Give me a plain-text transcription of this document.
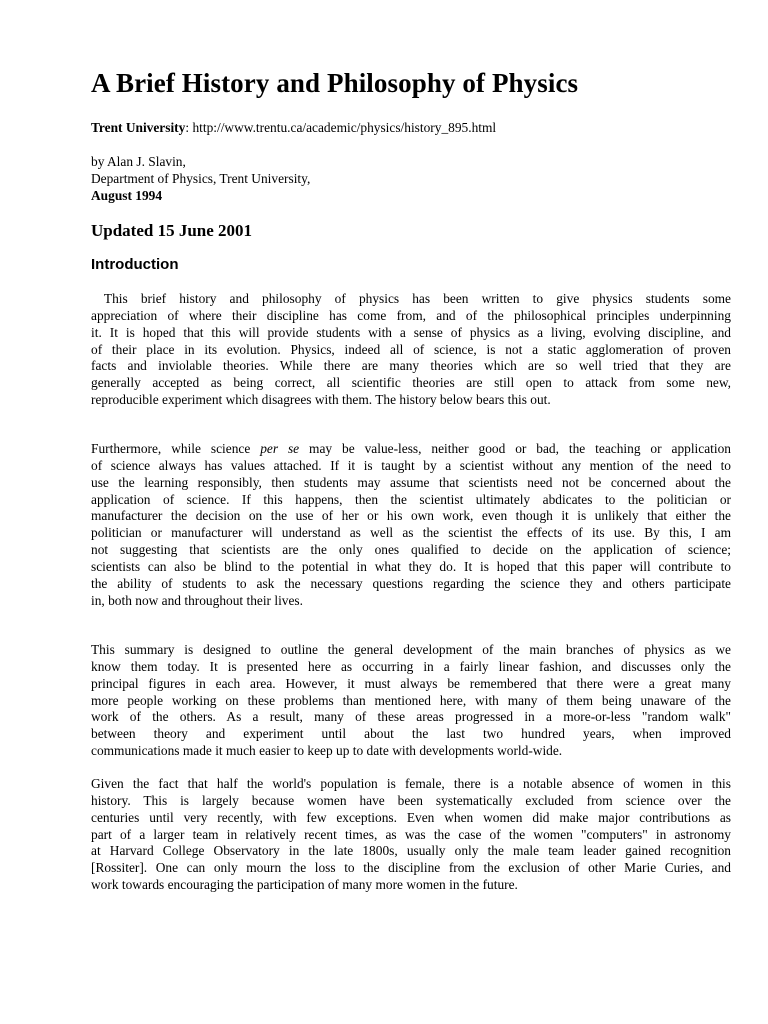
A Brief History and Philosophy of Physics
Trent University: http://www.trentu.ca/academic/physics/history_895.html
by Alan J. Slavin,
Department of Physics, Trent University,
August 1994
Updated 15 June 2001
Introduction
This brief history and philosophy of physics has been written to give physics students some
appreciation of where their discipline has come from, and of the philosophical principles underpinning
it. It is hoped that this will provide students with a sense of physics as a living, evolving discipline, and
of their place in its evolution. Physics, indeed all of science, is not a static agglomeration of proven
facts and inviolable theories. While there are many theories which are so well tried that they are
generally accepted as being correct, all scientific theories are still open to attack from some new,
reproducible experiment which disagrees with them. The history below bears this out.
Furthermore, while science per se may be value-less, neither good or bad, the teaching or application
of science always has values attached. If it is taught by a scientist without any mention of the need to
use the learning responsibly, then students may assume that scientists need not be concerned about the
application of science. If this happens, then the scientist ultimately abdicates to the politician or
manufacturer the decision on the use of her or his own work, even though it is unlikely that either the
politician or manufacturer will understand as well as the scientist the effects of its use. By this, I am
not suggesting that scientists are the only ones qualified to decide on the application of science;
scientists can also be blind to the potential in what they do. It is hoped that this paper will contribute to
the ability of students to ask the necessary questions regarding the science they and others participate
in, both now and throughout their lives.
This summary is designed to outline the general development of the main branches of physics as we
know them today. It is presented here as occurring in a fairly linear fashion, and discusses only the
principal figures in each area. However, it must always be remembered that there were a great many
more people working on these problems than mentioned here, with many of them being unaware of the
work of the others. As a result, many of these areas progressed in a more-or-less "random walk"
between theory and experiment until about the last two hundred years, when improved
communications made it much easier to keep up to date with developments world-wide.
Given the fact that half the world's population is female, there is a notable absence of women in this
history. This is largely because women have been systematically excluded from science over the
centuries until very recently, with few exceptions. Even when women did make major contributions as
part of a larger team in relatively recent times, as was the case of the women "computers" in astronomy
at Harvard College Observatory in the late 1800s, usually only the male team leader gained recognition
[Rossiter]. One can only mourn the loss to the discipline from the exclusion of other Marie Curies, and
work towards encouraging the participation of many more women in the future.
